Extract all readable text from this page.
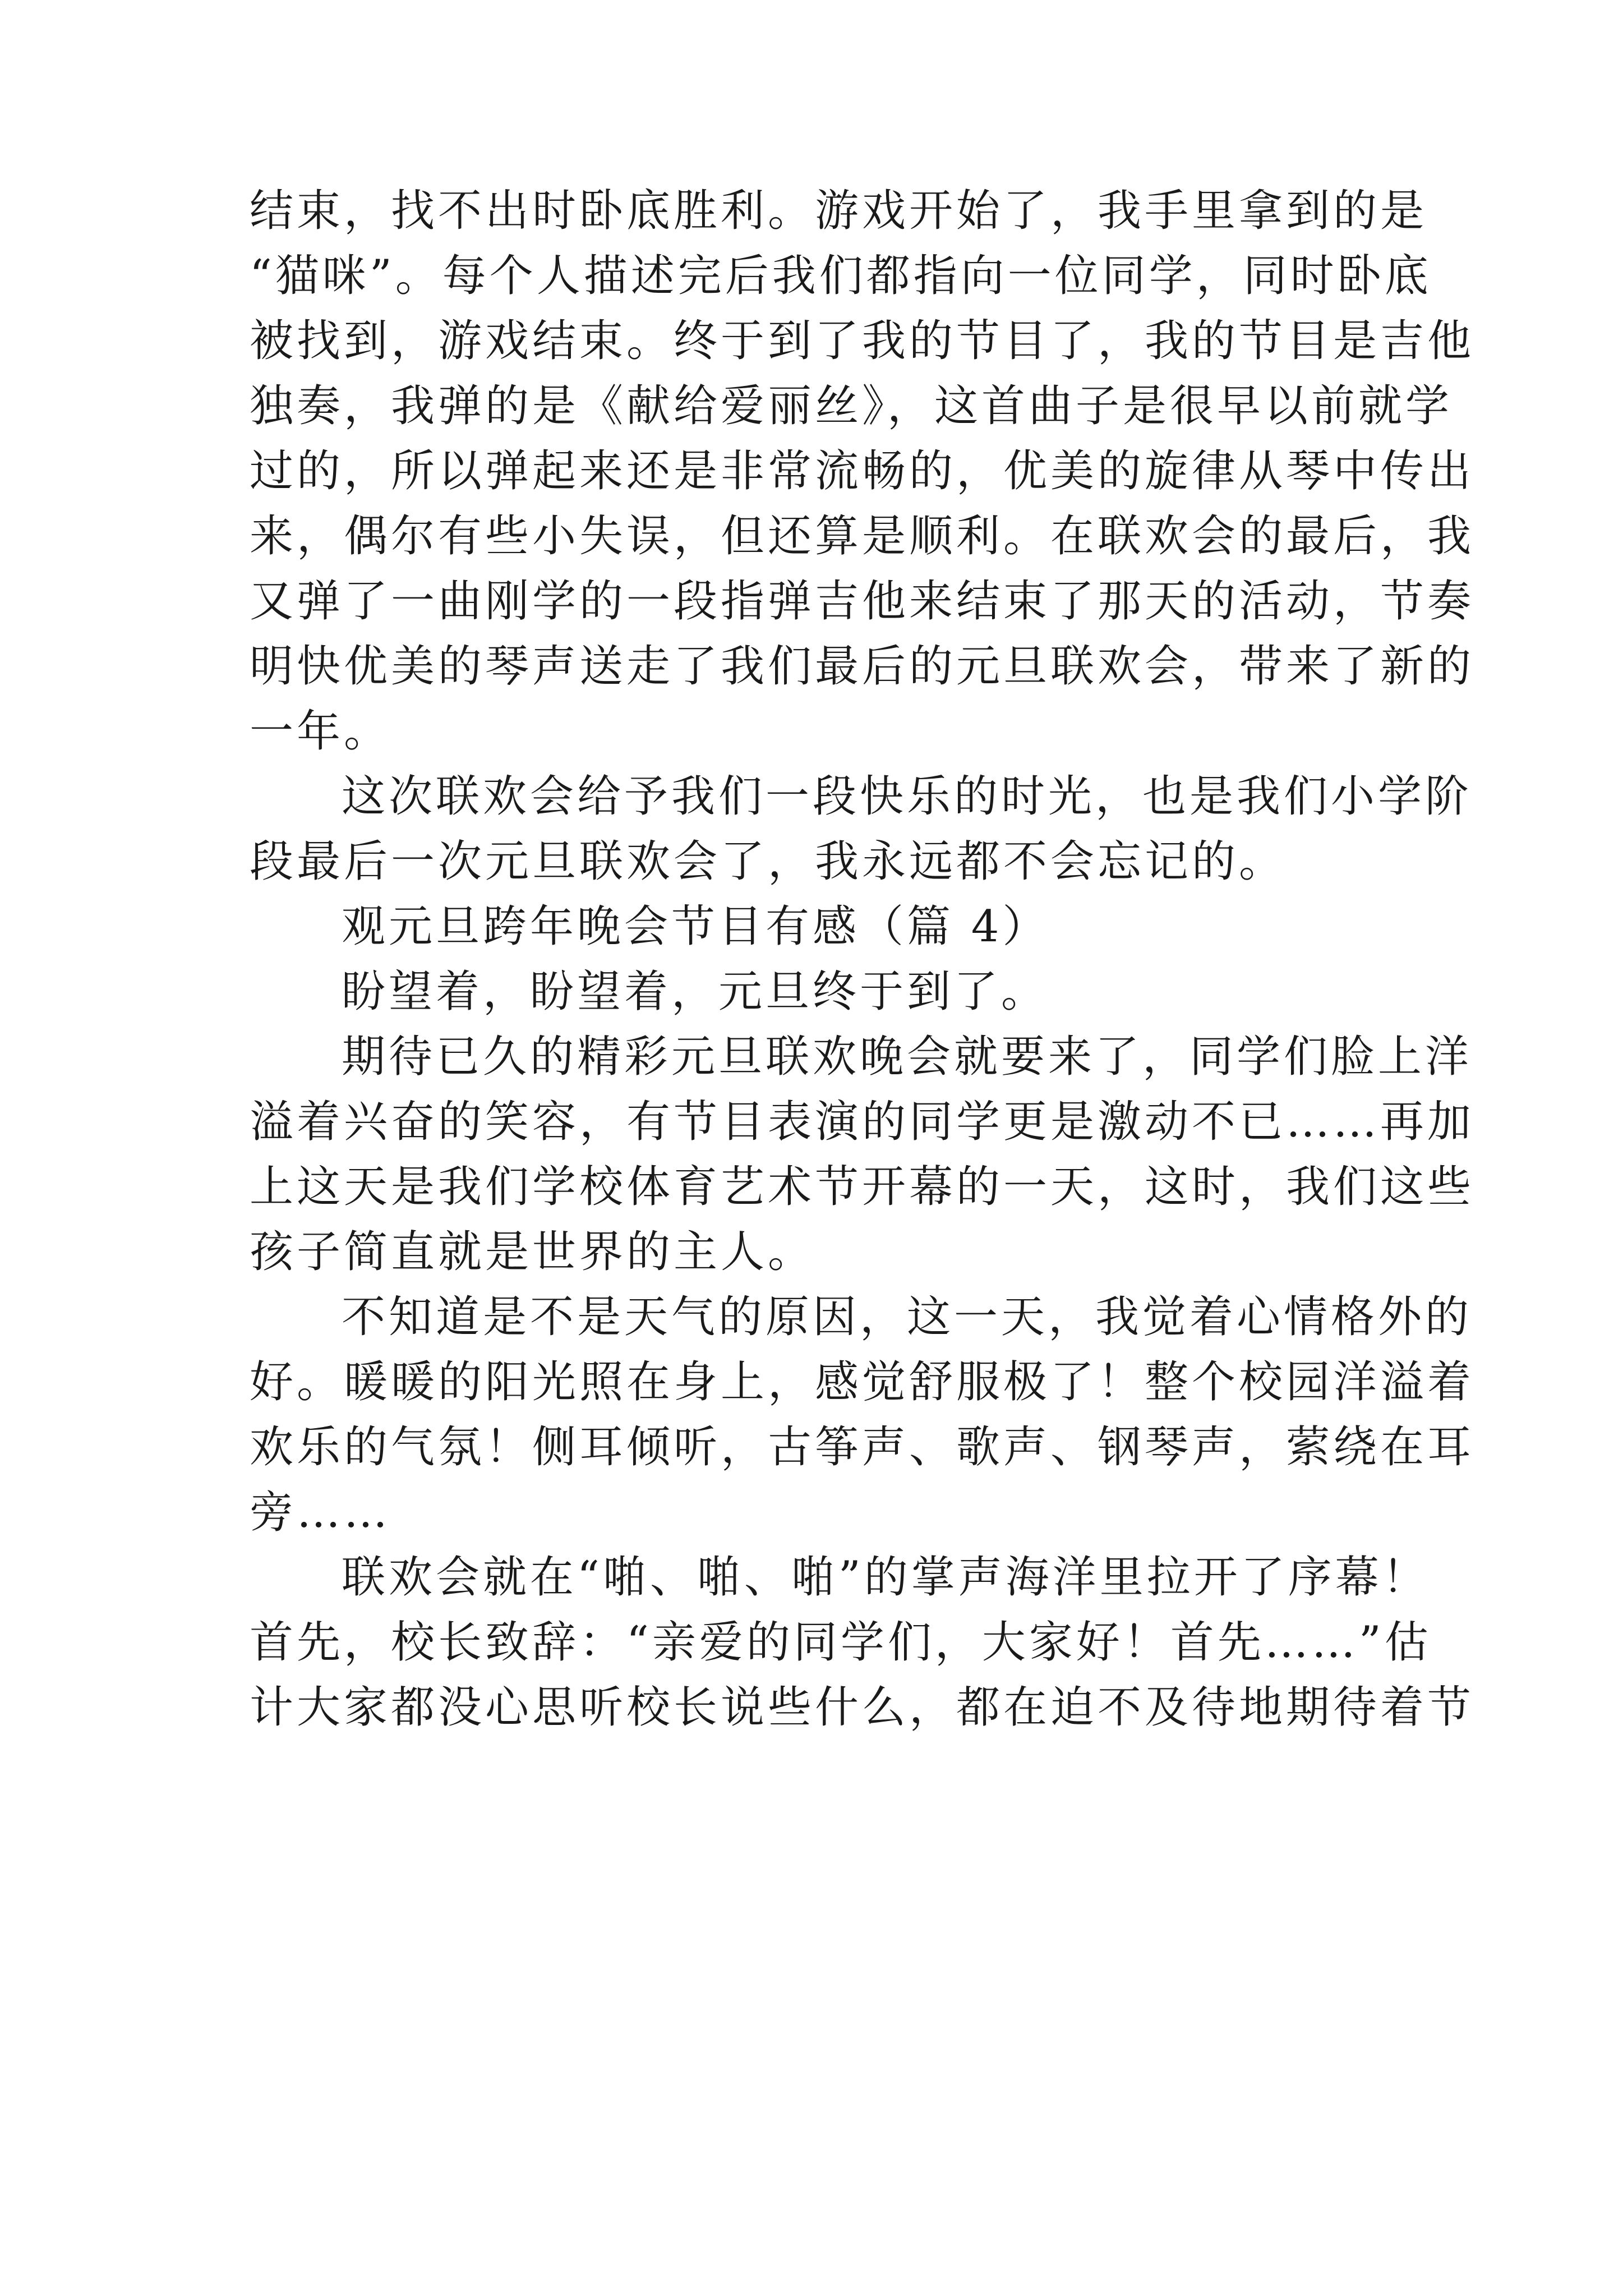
结束，找不出时卧底胜利。游戏开始了，我手里拿到的是
“猫咪”。每个人描述完后我们都指向一位同学，同时卧底
被找到，游戏结束。终于到了我的节目了，我的节目是吉他
独奏，我弹的是《献给爱丽丝》，这首曲子是很早以前就学
过的，所以弹起来还是非常流畅的，优美的旋律从琴中传出
来，偶尔有些小失误，但还算是顺利。在联欢会的最后，我
又弹了一曲刚学的一段指弹吉他来结束了那天的活动，节奏
明快优美的琴声送走了我们最后的元旦联欢会，带来了新的
一年。
这次联欢会给予我们一段快乐的时光，也是我们小学阶
段最后一次元旦联欢会了，我永远都不会忘记的。
观元旦跨年晚会节目有感（篇 4）
盼望着，盼望着，元旦终于到了。
期待已久的精彩元旦联欢晚会就要来了，同学们脸上洋
溢着兴奋的笑容，有节目表演的同学更是激动不已……再加
上这天是我们学校体育艺术节开幕的一天，这时，我们这些
孩子简直就是世界的主人。
不知道是不是天气的原因，这一天，我觉着心情格外的
好。暖暖的阳光照在身上，感觉舒服极了！整个校园洋溢着
欢乐的气氛！侧耳倾听，古筝声、歌声、钢琴声，萦绕在耳
旁……
联欢会就在“啪、啪、啪”的掌声海洋里拉开了序幕！
首先，校长致辞：“亲爱的同学们，大家好！首先……”估
计大家都没心思听校长说些什么，都在迫不及待地期待着节
